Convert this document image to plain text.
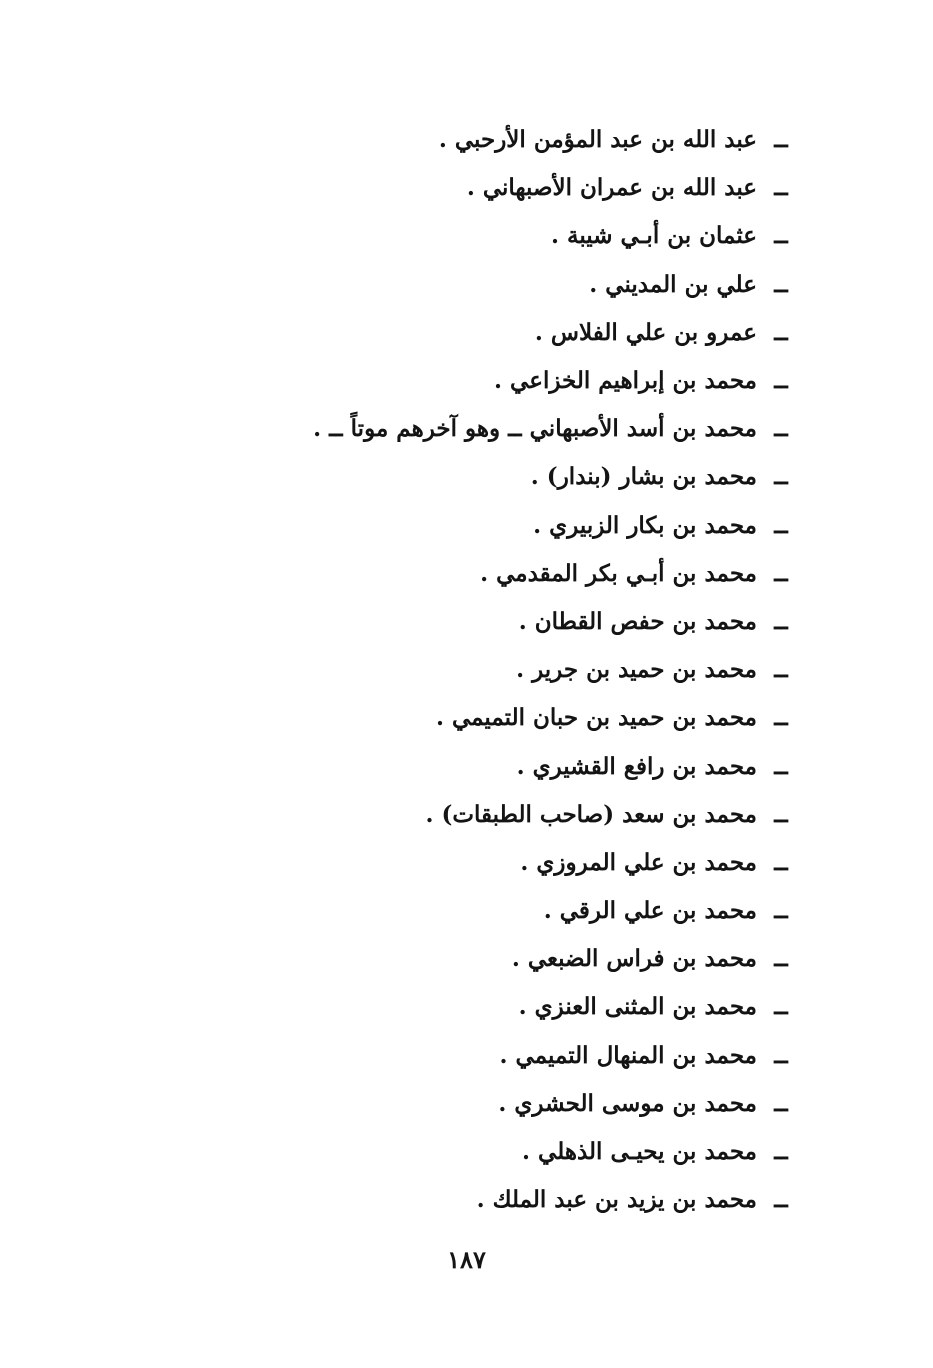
ــ
عبد الله بن عبد المؤمن الأرحبي .
ــ
عبد الله بن عمران الأصبهاني .
ــ
عثمان بن أبـي شيبة .
ــ
علي بن المديني .
ــ
عمرو بن علي الفلاس .
ــ
محمد بن إبراهيم الخزاعي .
ــ
محمد بن أسد الأصبهاني ــ وهو آخرهم موتاً ــ .
ــ
محمد بن بشار (بندار) .
ــ
محمد بن بكار الزبيري .
ــ
محمد بن أبـي بكر المقدمي .
ــ
محمد بن حفص القطان .
ــ
محمد بن حميد بن جرير .
ــ
محمد بن حميد بن حبان التميمي .
ــ
محمد بن رافع القشيري .
ــ
محمد بن سعد (صاحب الطبقات) .
ــ
محمد بن علي المروزي .
ــ
محمد بن علي الرقي .
ــ
محمد بن فراس الضبعي .
ــ
محمد بن المثنى العنزي .
ــ
محمد بن المنهال التميمي .
ــ
محمد بن موسى الحشري .
ــ
محمد بن يحيـى الذهلي .
ــ
محمد بن يزيد بن عبد الملك .
١٨٧
